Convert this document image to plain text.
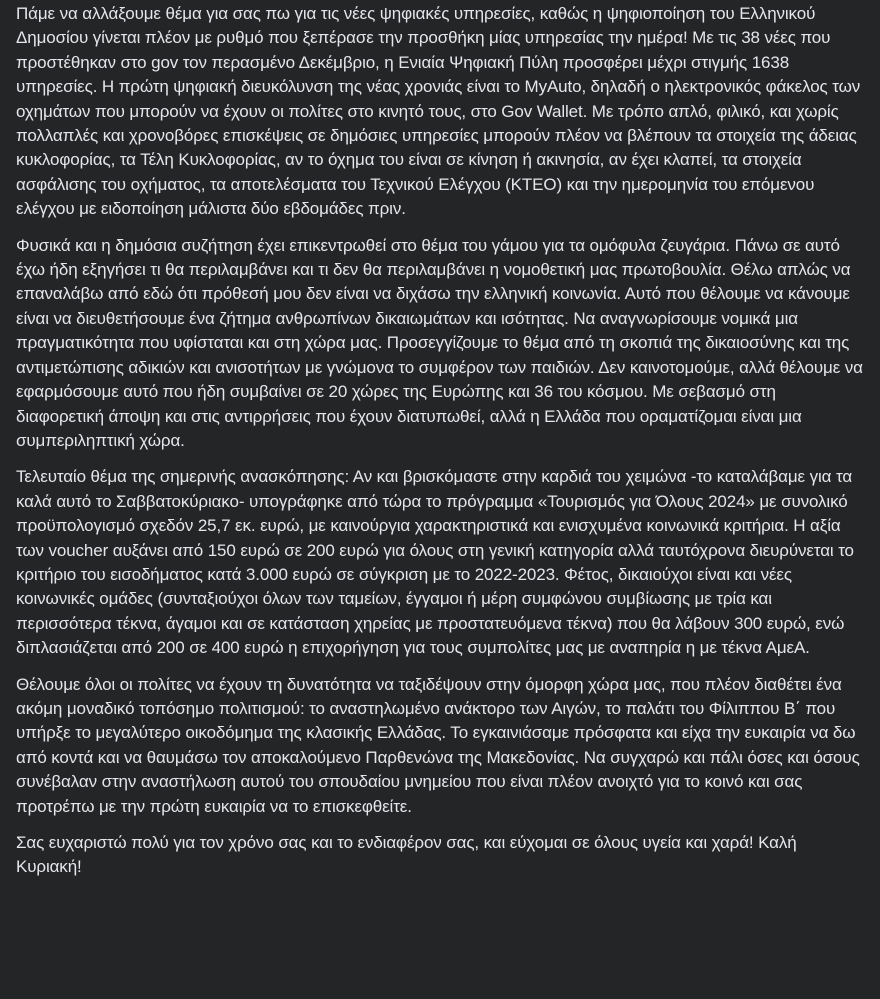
Πάμε να αλλάξουμε θέμα για σας πω για τις νέες ψηφιακές υπηρεσίες, καθώς η ψηφιοποίηση του Ελληνικού Δημοσίου γίνεται πλέον με ρυθμό που ξεπέρασε την προσθήκη μίας υπηρεσίας την ημέρα! Με τις 38 νέες που προστέθηκαν στο gov τον περασμένο Δεκέμβριο, η Ενιαία Ψηφιακή Πύλη προσφέρει μέχρι στιγμής 1638 υπηρεσίες. Η πρώτη ψηφιακή διευκόλυνση της νέας χρονιάς είναι το MyAuto, δηλαδή ο ηλεκτρονικός φάκελος των οχημάτων που μπορούν να έχουν οι πολίτες στο κινητό τους, στο Gov Wallet. Με τρόπο απλό, φιλικό, και χωρίς πολλαπλές και χρονοβόρες επισκέψεις σε δημόσιες υπηρεσίες μπορούν πλέον να βλέπουν τα στοιχεία της άδειας κυκλοφορίας, τα Τέλη Κυκλοφορίας, αν το όχημα του είναι σε κίνηση ή ακινησία, αν έχει κλαπεί, τα στοιχεία ασφάλισης του οχήματος, τα αποτελέσματα του Τεχνικού Ελέγχου (ΚΤΕΟ) και την ημερομηνία του επόμενου ελέγχου με ειδοποίηση μάλιστα δύο εβδομάδες πριν.

Φυσικά και η δημόσια συζήτηση έχει επικεντρωθεί στο θέμα του γάμου για τα ομόφυλα ζευγάρια. Πάνω σε αυτό έχω ήδη εξηγήσει τι θα περιλαμβάνει και τι δεν θα περιλαμβάνει η νομοθετική μας πρωτοβουλία. Θέλω απλώς να επαναλάβω από εδώ ότι πρόθεσή μου δεν είναι να διχάσω την ελληνική κοινωνία. Αυτό που θέλουμε να κάνουμε είναι να διευθετήσουμε ένα ζήτημα ανθρωπίνων δικαιωμάτων και ισότητας. Να αναγνωρίσουμε νομικά μια πραγματικότητα που υφίσταται και στη χώρα μας. Προσεγγίζουμε το θέμα από τη σκοπιά της δικαιοσύνης και της αντιμετώπισης αδικιών και ανισοτήτων με γνώμονα το συμφέρον των παιδιών. Δεν καινοτομούμε, αλλά θέλουμε να εφαρμόσουμε αυτό που ήδη συμβαίνει σε 20 χώρες της Ευρώπης και 36 του κόσμου. Με σεβασμό στη διαφορετική άποψη και στις αντιρρήσεις που έχουν διατυπωθεί, αλλά η Ελλάδα που οραματίζομαι είναι μια συμπεριληπτική χώρα.

Τελευταίο θέμα της σημερινής ανασκόπησης: Αν και βρισκόμαστε στην καρδιά του χειμώνα -το καταλάβαμε για τα καλά αυτό το Σαββατοκύριακο- υπογράφηκε από τώρα το πρόγραμμα «Τουρισμός για Όλους 2024» με συνολικό προϋπολογισμό σχεδόν 25,7 εκ. ευρώ, με καινούργια χαρακτηριστικά και ενισχυμένα κοινωνικά κριτήρια. Η αξία των voucher αυξάνει από 150 ευρώ σε 200 ευρώ για όλους στη γενική κατηγορία αλλά ταυτόχρονα διευρύνεται το κριτήριο του εισοδήματος κατά 3.000 ευρώ σε σύγκριση με το 2022-2023. Φέτος, δικαιούχοι είναι και νέες κοινωνικές ομάδες (συνταξιούχοι όλων των ταμείων, έγγαμοι ή μέρη συμφώνου συμβίωσης με τρία και περισσότερα τέκνα, άγαμοι και σε κατάσταση χηρείας με προστατευόμενα τέκνα) που θα λάβουν 300 ευρώ, ενώ διπλασιάζεται από 200 σε 400 ευρώ η επιχορήγηση για τους συμπολίτες μας με αναπηρία η με τέκνα ΑμεΑ.

Θέλουμε όλοι οι πολίτες να έχουν τη δυνατότητα να ταξιδέψουν στην όμορφη χώρα μας, που πλέον διαθέτει ένα ακόμη μοναδικό τοπόσημο πολιτισμού: το αναστηλωμένο ανάκτορο των Αιγών, το παλάτι του Φίλιππου Β΄ που υπήρξε το μεγαλύτερο οικοδόμημα της κλασικής Ελλάδας. Το εγκαινιάσαμε πρόσφατα και είχα την ευκαιρία να δω από κοντά και να θαυμάσω τον αποκαλούμενο Παρθενώνα της Μακεδονίας. Να συγχαρώ και πάλι όσες και όσους συνέβαλαν στην αναστήλωση αυτού του σπουδαίου μνημείου που είναι πλέον ανοιχτό για το κοινό και σας προτρέπω με την πρώτη ευκαιρία να το επισκεφθείτε.

Σας ευχαριστώ πολύ για τον χρόνο σας και το ενδιαφέρον σας, και εύχομαι σε όλους υγεία και χαρά! Καλή Κυριακή!
